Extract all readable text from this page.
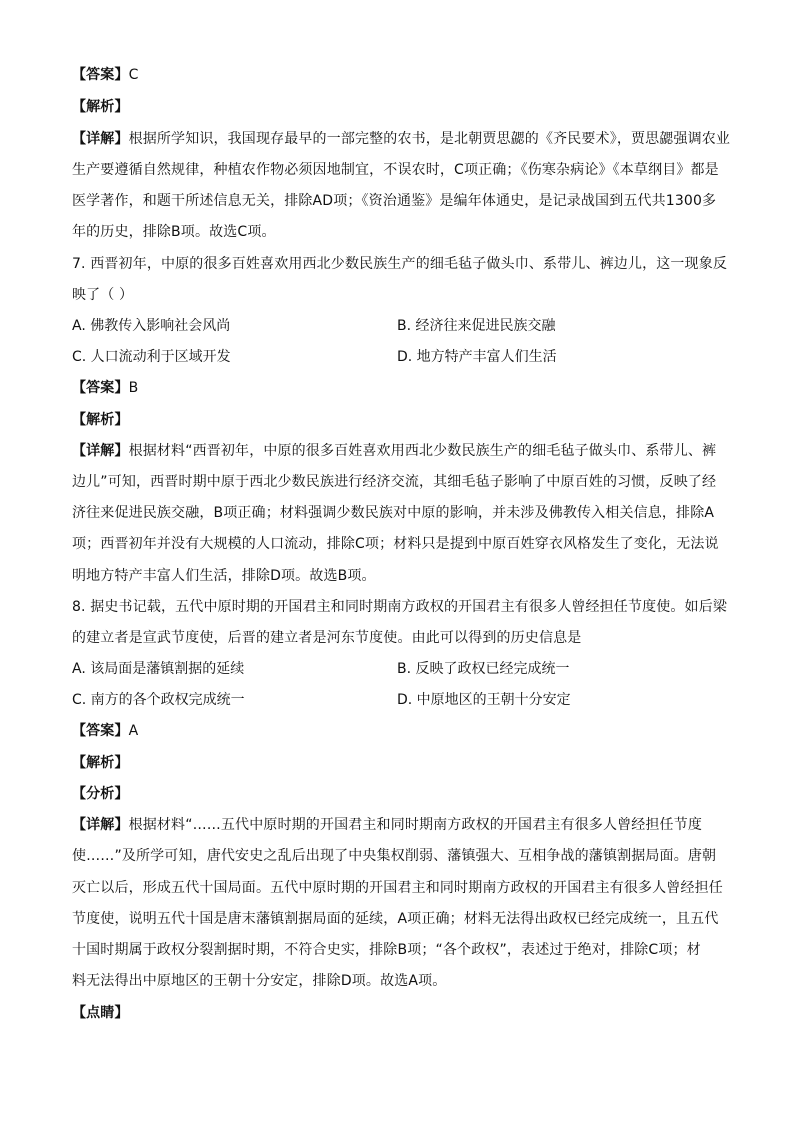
【答案】C
【解析】
【详解】根据所学知识，我国现存最早的一部完整的农书，是北朝贾思勰的《齐民要术》，贾思勰强调农业
生产要遵循自然规律，种植农作物必须因地制宜，不误农时，C项正确；《伤寒杂病论》《本草纲目》都是
医学著作，和题干所述信息无关，排除AD项；《资治通鉴》是编年体通史，是记录战国到五代共1300多
年的历史，排除B项。故选C项。
7. 西晋初年，中原的很多百姓喜欢用西北少数民族生产的细毛毡子做头巾、系带儿、裤边儿，这一现象反
映了（ ）
A. 佛教传入影响社会风尚	B. 经济往来促进民族交融
C. 人口流动利于区域开发	D. 地方特产丰富人们生活
【答案】B
【解析】
【详解】根据材料“西晋初年，中原的很多百姓喜欢用西北少数民族生产的细毛毡子做头巾、系带儿、裤
边儿”可知，西晋时期中原于西北少数民族进行经济交流，其细毛毡子影响了中原百姓的习惯，反映了经
济往来促进民族交融，B项正确；材料强调少数民族对中原的影响，并未涉及佛教传入相关信息，排除A
项；西晋初年并没有大规模的人口流动，排除C项；材料只是提到中原百姓穿衣风格发生了变化，无法说
明地方特产丰富人们生活，排除D项。故选B项。
8. 据史书记载，五代中原时期的开国君主和同时期南方政权的开国君主有很多人曾经担任节度使。如后梁
的建立者是宣武节度使，后晋的建立者是河东节度使。由此可以得到的历史信息是
A. 该局面是藩镇割据的延续	B. 反映了政权已经完成统一
C. 南方的各个政权完成统一	D. 中原地区的王朝十分安定
【答案】A
【解析】
【分析】
【详解】根据材料“……五代中原时期的开国君主和同时期南方政权的开国君主有很多人曾经担任节度
使……”及所学可知，唐代安史之乱后出现了中央集权削弱、藩镇强大、互相争战的藩镇割据局面。唐朝
灭亡以后，形成五代十国局面。五代中原时期的开国君主和同时期南方政权的开国君主有很多人曾经担任
节度使，说明五代十国是唐末藩镇割据局面的延续，A项正确；材料无法得出政权已经完成统一，且五代
十国时期属于政权分裂割据时期，不符合史实，排除B项；“各个政权”，表述过于绝对，排除C项；材
料无法得出中原地区的王朝十分安定，排除D项。故选A项。
【点睛】
